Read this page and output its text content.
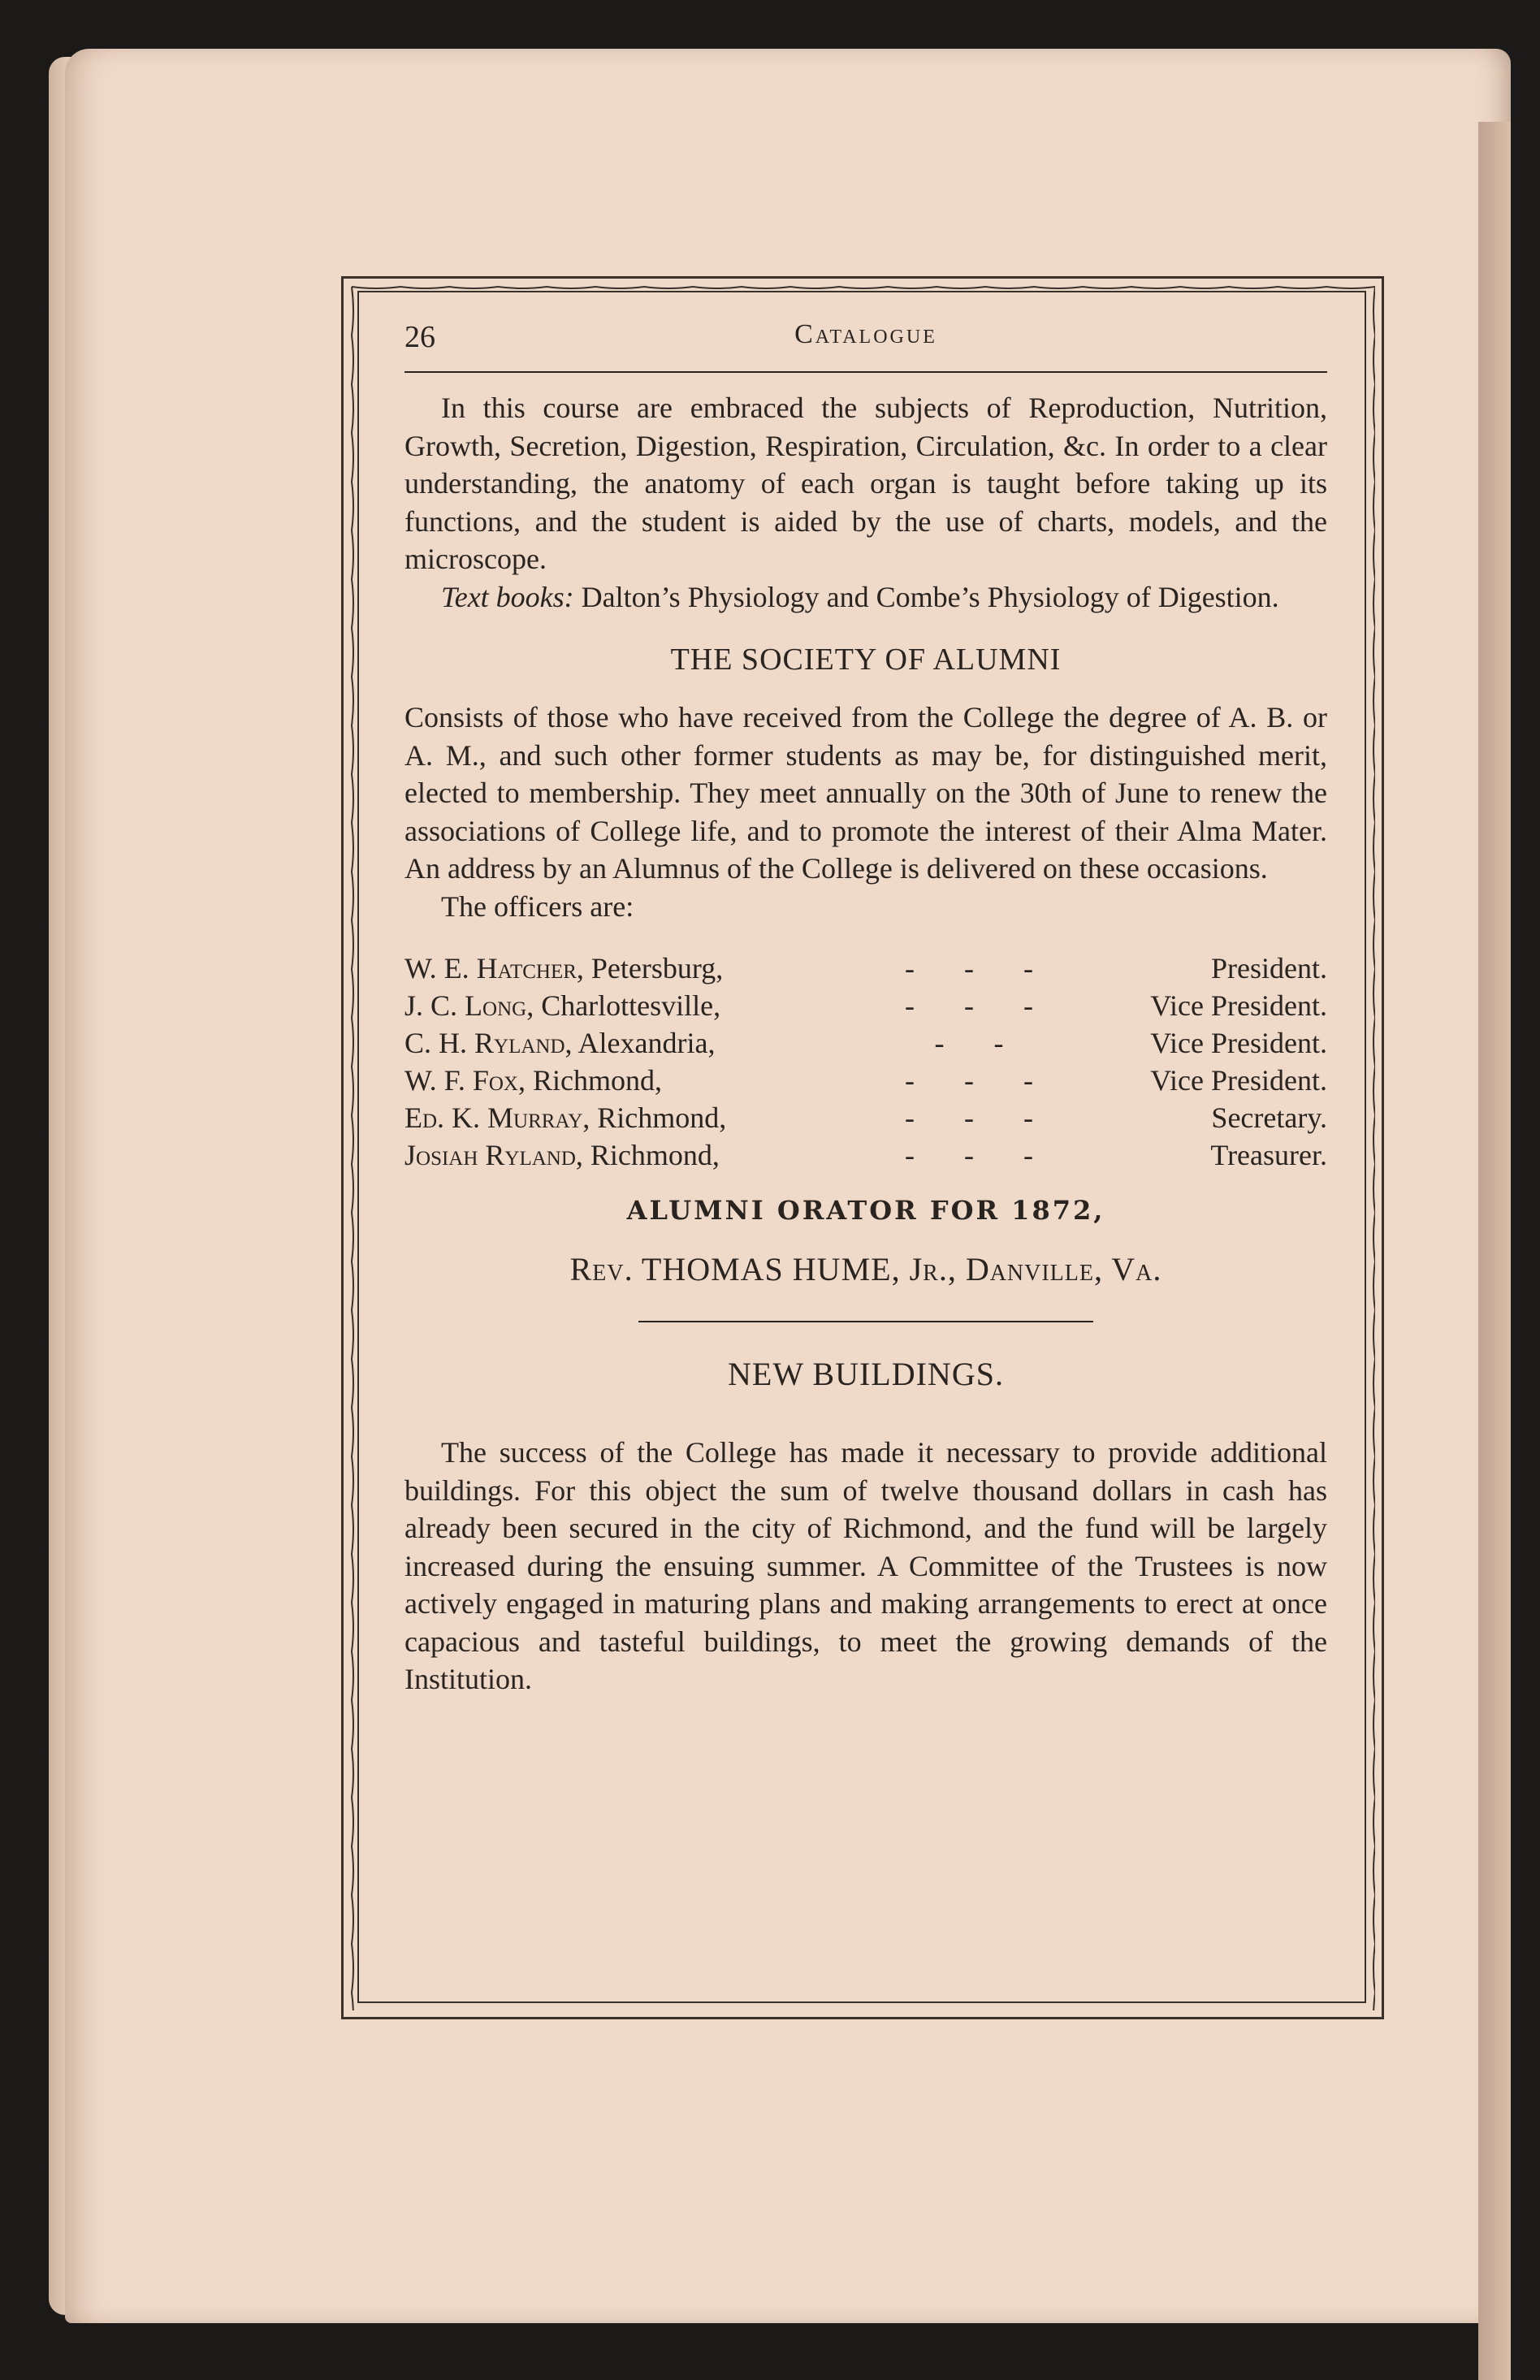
26	Catalogue

In this course are embraced the subjects of Reproduction, Nutrition, Growth, Secretion, Digestion, Respiration, Circulation, &c. In order to a clear understanding, the anatomy of each organ is taught before taking up its functions, and the student is aided by the use of charts, models, and the microscope.

Text books: Dalton’s Physiology and Combe’s Physiology of Digestion.

THE SOCIETY OF ALUMNI

Consists of those who have received from the College the degree of A. B. or A. M., and such other former students as may be, for distinguished merit, elected to membership. They meet annually on the 30th of June to renew the associations of College life, and to promote the interest of their Alma Mater. An address by an Alumnus of the College is delivered on these occasions.

The officers are:

W. E. Hatcher, Petersburg,	- - -	President.
J. C. Long, Charlottesville,	- - -	Vice President.
C. H. Ryland, Alexandria,	- -	Vice President.
W. F. Fox, Richmond,	- - -	Vice President.
Ed. K. Murray, Richmond,	- - -	Secretary.
Josiah Ryland, Richmond,	- - -	Treasurer.
ALUMNI ORATOR FOR 1872,
Rev. THOMAS HUME, Jr., Danville, Va.
NEW BUILDINGS.

The success of the College has made it necessary to provide additional buildings. For this object the sum of twelve thousand dollars in cash has already been secured in the city of Richmond, and the fund will be largely increased during the ensuing summer. A Committee of the Trustees is now actively engaged in maturing plans and making arrangements to erect at once capacious and tasteful buildings, to meet the growing demands of the Institution.
